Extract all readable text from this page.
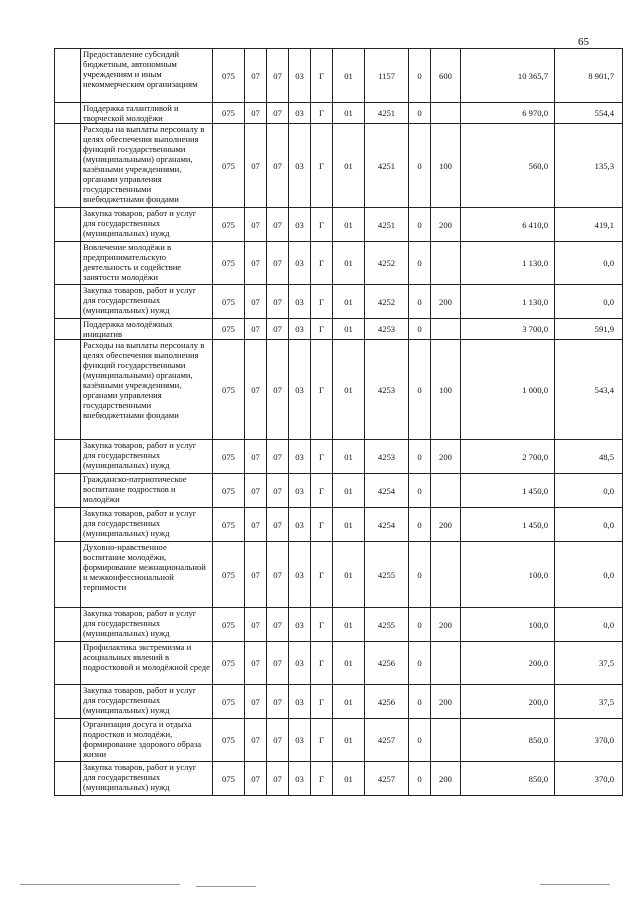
65
	Предоставление субсидий бюджетным, автономным учреждениям и иным некоммерческим организациям	075	07	07	03	Г	01	1157	0	600	10 365,7	8 901,7
	Поддержка талантливой и творческой молодёжи	075	07	07	03	Г	01	4251	0		6 970,0	554,4
	Расходы на выплаты персоналу в целях обеспечения выполнения функций государственными (муниципальными) органами, казёнными учреждениями, органами управления государственными внебюджетными фондами	075	07	07	03	Г	01	4251	0	100	560,0	135,3
	Закупка товаров, работ и услуг для государственных (муниципальных) нужд	075	07	07	03	Г	01	4251	0	200	6 410,0	419,1
	Вовлечение молодёжи в предпринимательскую деятельность и содействие занятости молодёжи	075	07	07	03	Г	01	4252	0		1 130,0	0,0
	Закупка товаров, работ и услуг для государственных (муниципальных) нужд	075	07	07	03	Г	01	4252	0	200	1 130,0	0,0
	Поддержка молодёжных инициатив	075	07	07	03	Г	01	4253	0		3 700,0	591,9
	Расходы на выплаты персоналу в целях обеспечения выполнения функций государственными (муниципальными) органами, казёнными учреждениями, органами управления государственными внебюджетными фондами	075	07	07	03	Г	01	4253	0	100	1 000,0	543,4
	Закупка товаров, работ и услуг для государственных (муниципальных) нужд	075	07	07	03	Г	01	4253	0	200	2 700,0	48,5
	Гражданско-патриотическое воспитание подростков и молодёжи	075	07	07	03	Г	01	4254	0		1 450,0	0,0
	Закупка товаров, работ и услуг для государственных (муниципальных) нужд	075	07	07	03	Г	01	4254	0	200	1 450,0	0,0
	Духовно-нравственное воспитание молодёжи, формирование межнациональной и межконфессиональной терпимости	075	07	07	03	Г	01	4255	0		100,0	0,0
	Закупка товаров, работ и услуг для государственных (муниципальных) нужд	075	07	07	03	Г	01	4255	0	200	100,0	0,0
	Профилактика экстремизма и асоциальных явлений в подростковой и молодёжной среде	075	07	07	03	Г	01	4256	0		200,0	37,5
	Закупка товаров, работ и услуг для государственных (муниципальных) нужд	075	07	07	03	Г	01	4256	0	200	200,0	37,5
	Организация досуга и отдыха подростков и молодёжи, формирование здорового образа жизни	075	07	07	03	Г	01	4257	0		850,0	370,0
	Закупка товаров, работ и услуг для государственных (муниципальных) нужд	075	07	07	03	Г	01	4257	0	200	850,0	370,0
